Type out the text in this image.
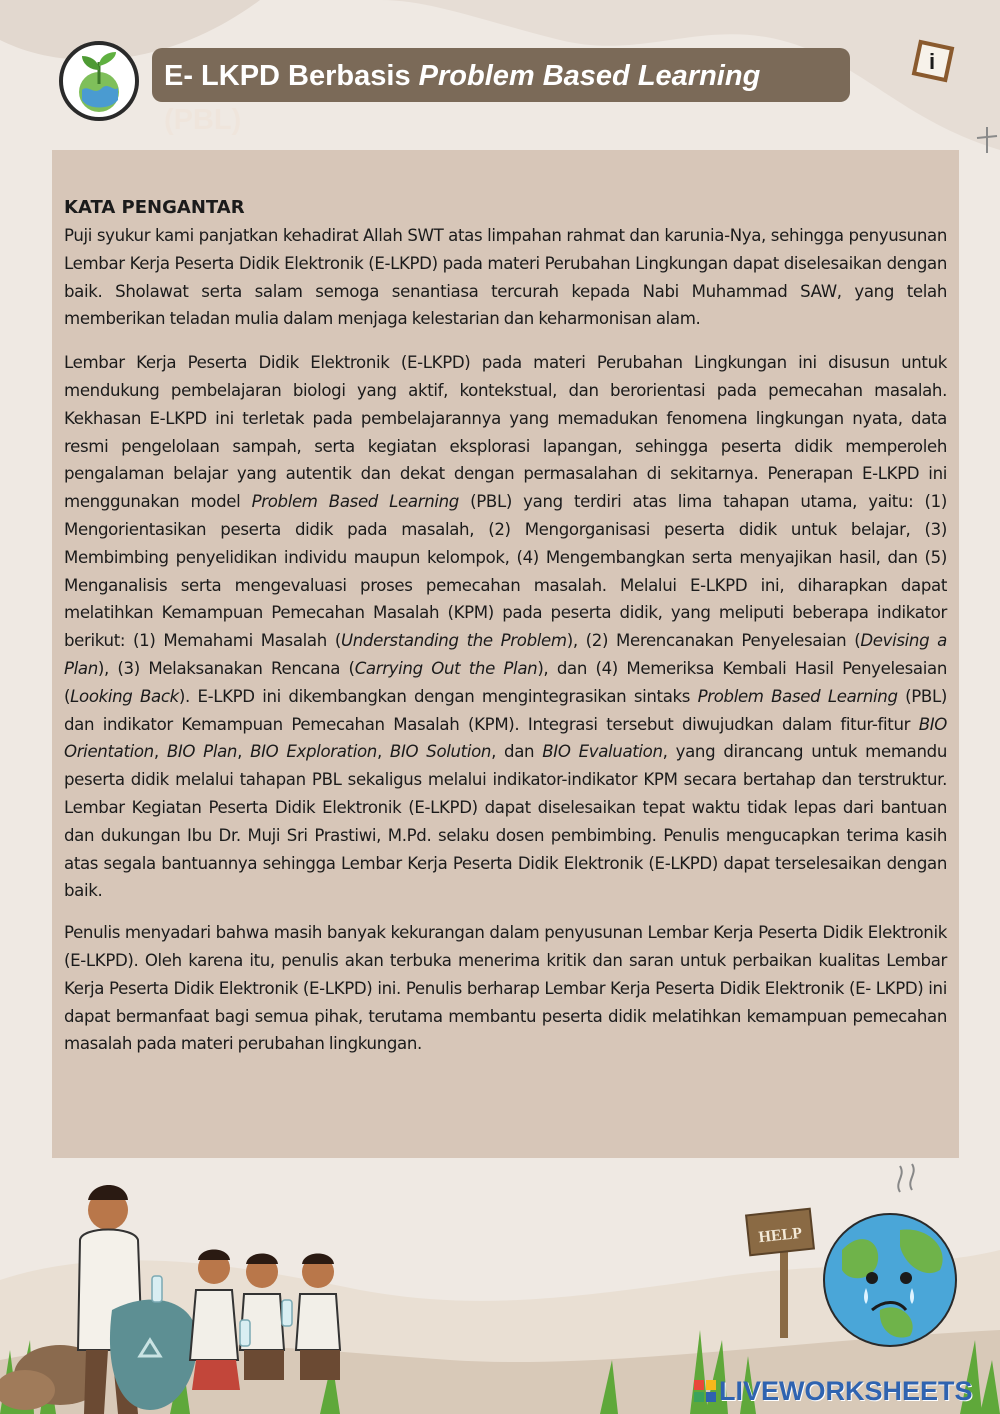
E- LKPD Berbasis Problem Based Learning
(PBL)
i
KATA PENGANTAR

Puji syukur kami panjatkan kehadirat Allah SWT atas limpahan rahmat dan karunia-Nya, sehingga penyusunan Lembar Kerja Peserta Didik Elektronik (E-LKPD) pada materi Perubahan Lingkungan dapat diselesaikan dengan baik. Sholawat serta salam semoga senantiasa tercurah kepada Nabi Muhammad SAW, yang telah memberikan teladan mulia dalam menjaga kelestarian dan keharmonisan alam.

Lembar Kerja Peserta Didik Elektronik (E-LKPD) pada materi Perubahan Lingkungan ini disusun untuk mendukung pembelajaran biologi yang aktif, kontekstual, dan berorientasi pada pemecahan masalah. Kekhasan E-LKPD ini terletak pada pembelajarannya yang memadukan fenomena lingkungan nyata, data resmi pengelolaan sampah, serta kegiatan eksplorasi lapangan, sehingga peserta didik memperoleh pengalaman belajar yang autentik dan dekat dengan permasalahan di sekitarnya. Penerapan E-LKPD ini menggunakan model Problem Based Learning (PBL) yang terdiri atas lima tahapan utama, yaitu: (1) Mengorientasikan peserta didik pada masalah, (2) Mengorganisasi peserta didik untuk belajar, (3) Membimbing penyelidikan individu maupun kelompok, (4) Mengembangkan serta menyajikan hasil, dan (5) Menganalisis serta mengevaluasi proses pemecahan masalah. Melalui E-LKPD ini, diharapkan dapat melatihkan Kemampuan Pemecahan Masalah (KPM) pada peserta didik, yang meliputi beberapa indikator berikut: (1) Memahami Masalah (Understanding the Problem), (2) Merencanakan Penyelesaian (Devising a Plan), (3) Melaksanakan Rencana (Carrying Out the Plan), dan (4) Memeriksa Kembali Hasil Penyelesaian (Looking Back). E-LKPD ini dikembangkan dengan mengintegrasikan sintaks Problem Based Learning (PBL) dan indikator Kemampuan Pemecahan Masalah (KPM). Integrasi tersebut diwujudkan dalam fitur-fitur BIO Orientation, BIO Plan, BIO Exploration, BIO Solution, dan BIO Evaluation, yang dirancang untuk memandu peserta didik melalui tahapan PBL sekaligus melalui indikator-indikator KPM secara bertahap dan terstruktur. Lembar Kegiatan Peserta Didik Elektronik (E-LKPD) dapat diselesaikan tepat waktu tidak lepas dari bantuan dan dukungan Ibu Dr. Muji Sri Prastiwi, M.Pd. selaku dosen pembimbing. Penulis mengucapkan terima kasih atas segala bantuannya sehingga Lembar Kerja Peserta Didik Elektronik (E-LKPD) dapat terselesaikan dengan baik.

Penulis menyadari bahwa masih banyak kekurangan dalam penyusunan Lembar Kerja Peserta Didik Elektronik (E-LKPD). Oleh karena itu, penulis akan terbuka menerima kritik dan saran untuk perbaikan kualitas Lembar Kerja Peserta Didik Elektronik (E-LKPD) ini. Penulis berharap Lembar Kerja Peserta Didik Elektronik (E- LKPD) ini dapat bermanfaat bagi semua pihak, terutama membantu peserta didik melatihkan kemampuan pemecahan masalah pada materi perubahan lingkungan.

HELP
LIVEWORKSHEETS
